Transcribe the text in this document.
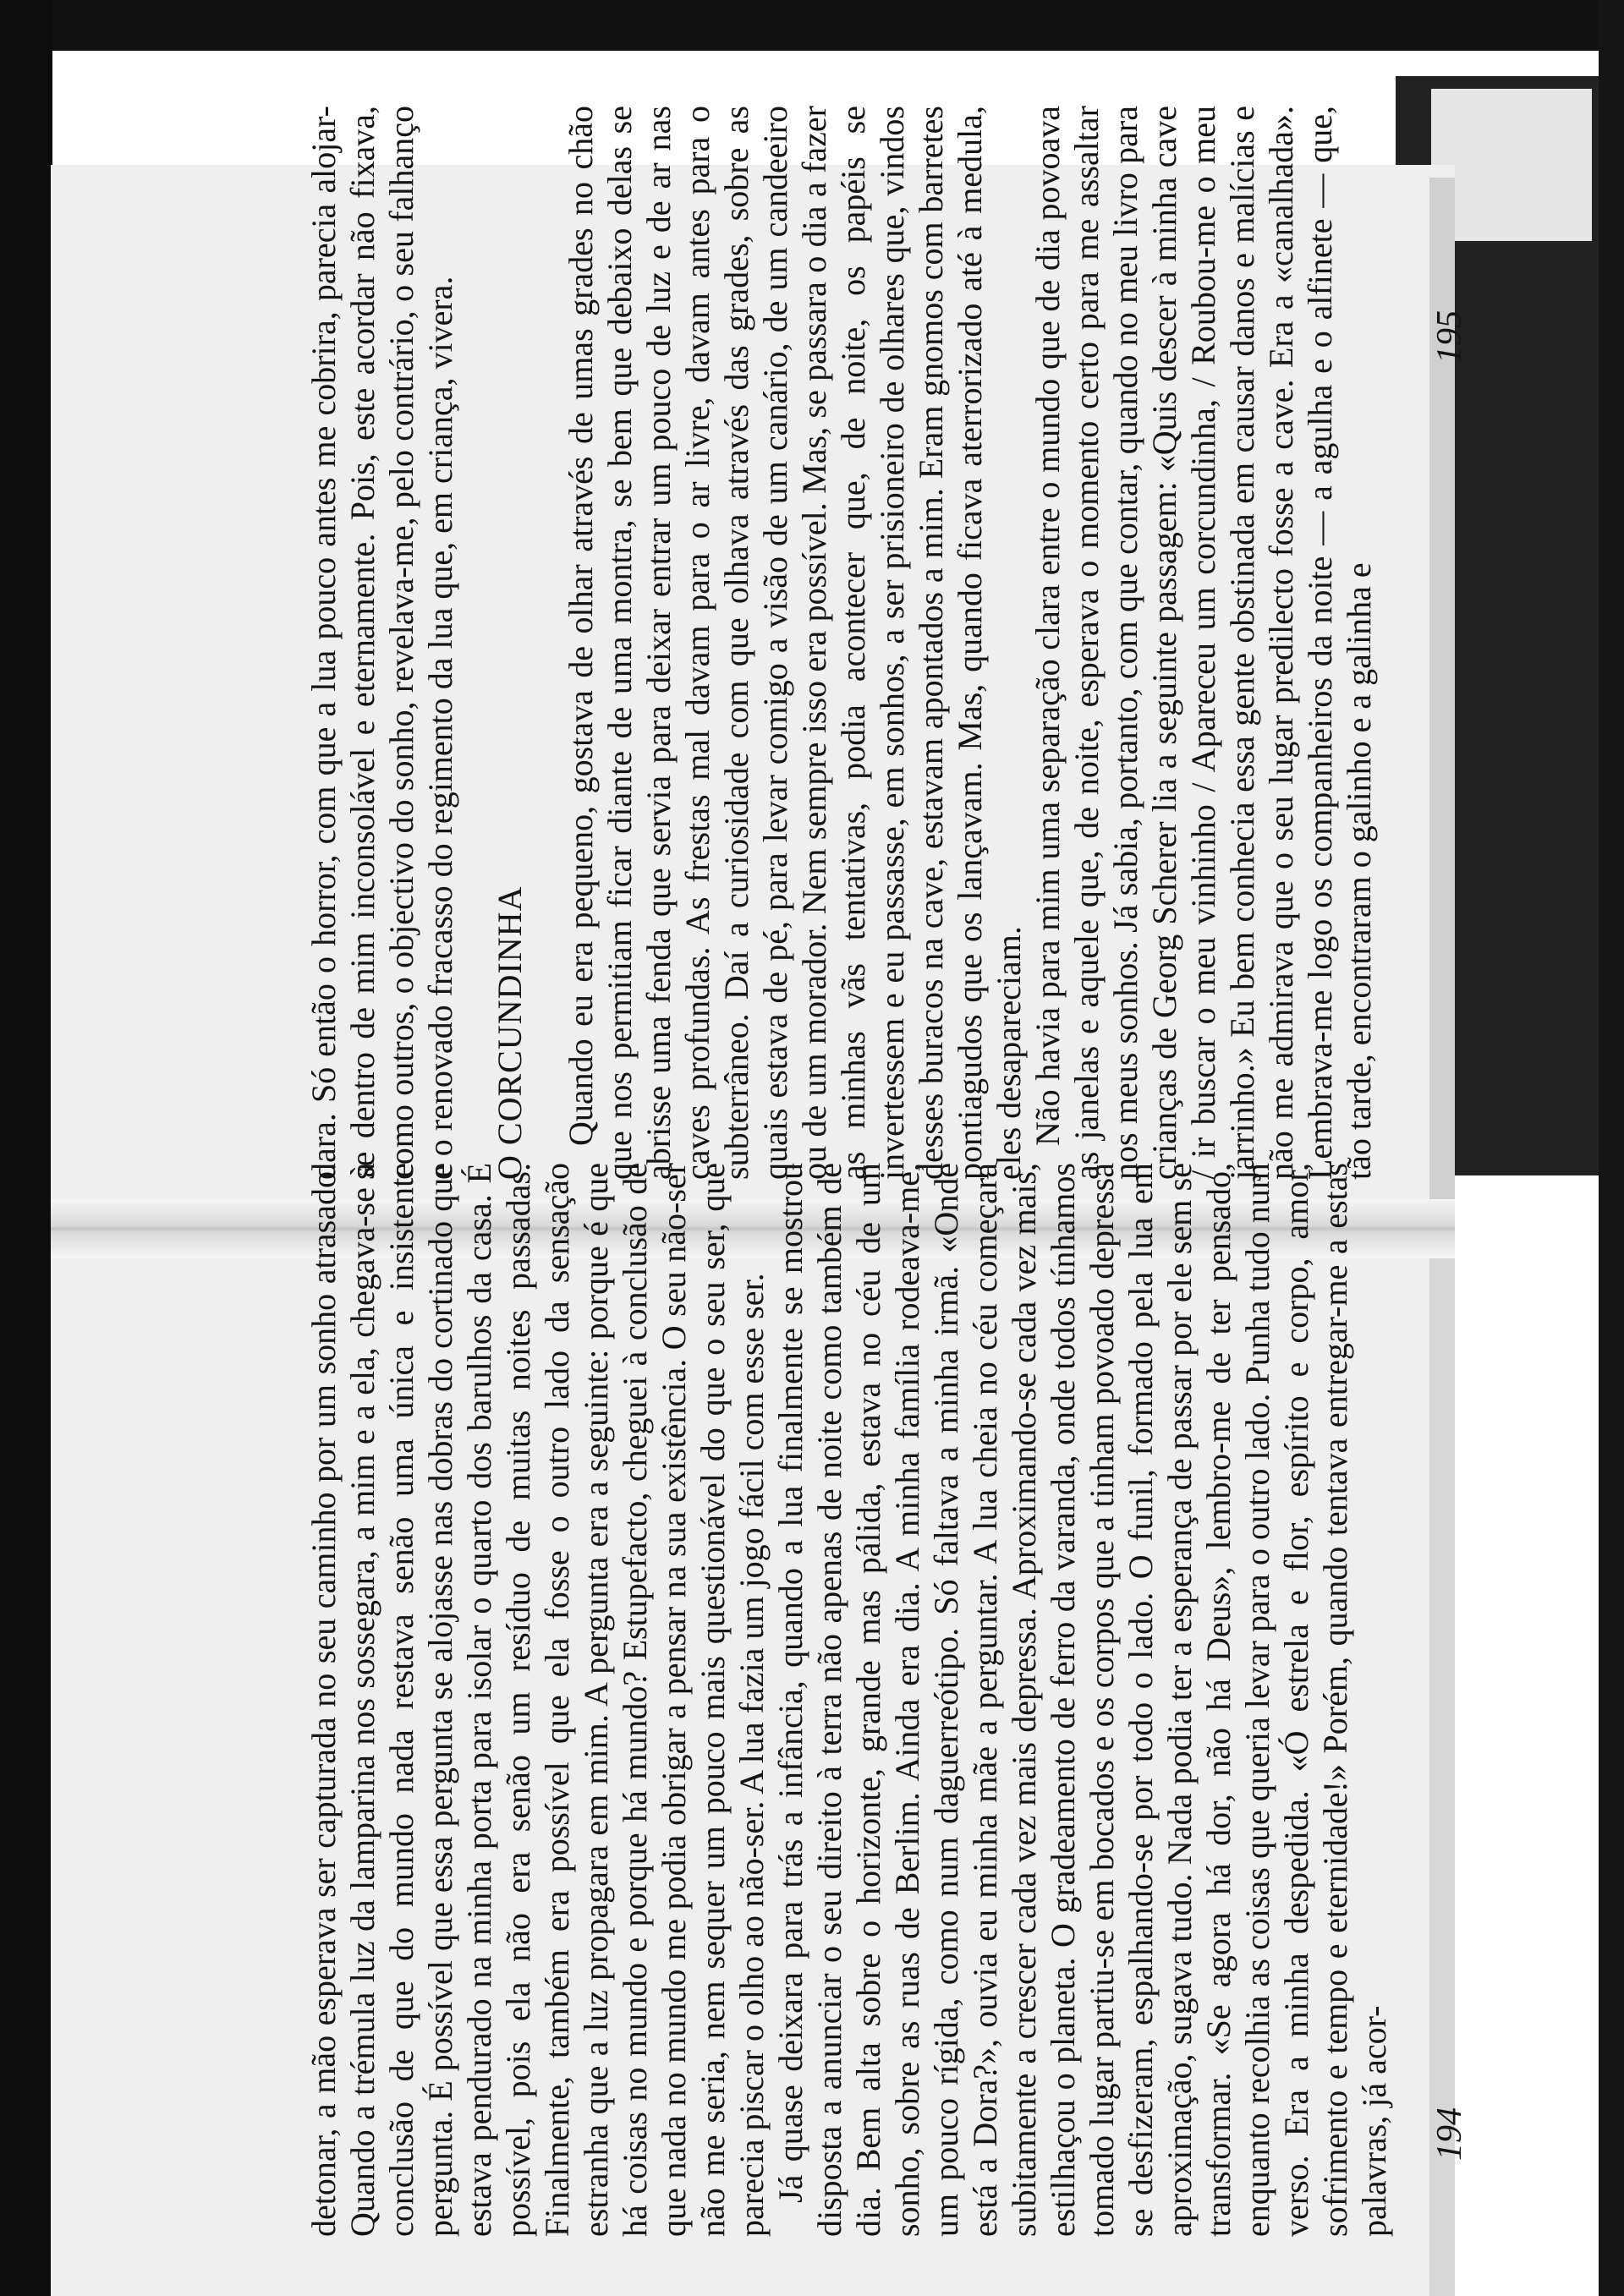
dara. Só então o horror, com que a lua pouco antes me cobrira, parecia alojar-se dentro de mim inconsolável e eternamente. Pois, este acordar não fixava, como outros, o objectivo do sonho, revelava-me, pelo contrário, o seu falhanço e o renovado fracasso do regimento da lua que, em criança, vivera. O CORCUNDINHA Quando eu era pequeno, gostava de olhar através de umas grades no chão que nos permitiam ficar diante de uma montra, se bem que debaixo delas se abrisse uma fenda que servia para deixar entrar um pouco de luz e de ar nas caves profundas. As frestas mal davam para o ar livre, davam antes para o subterrâneo. Daí a curiosidade com que olhava através das grades, sobre as quais estava de pé, para levar comigo a visão de um canário, de um candeeiro ou de um morador. Nem sempre isso era possível. Mas, se passara o dia a fazer as minhas vãs tentativas, podia acontecer que, de noite, os papéis se invertessem e eu passasse, em sonhos, a ser prisioneiro de olhares que, vindos desses buracos na cave, estavam apontados a mim. Eram gnomos com barretes pontiagudos que os lançavam. Mas, quando ficava aterrorizado até à medula, eles desapareciam. Não havia para mim uma separação clara entre o mundo que de dia povoava as janelas e aquele que, de noite, esperava o momento certo para me assaltar nos meus sonhos. Já sabia, portanto, com que contar, quando no meu livro para crianças de Georg Scherer lia a seguinte passagem: «Quis descer à minha cave / ir buscar o meu vinhinho / Apareceu um corcundinha, / Roubou-me o meu jarrinho.» Eu bem conhecia essa gente obstinada em causar danos e malícias e não me admirava que o seu lugar predilecto fosse a cave. Era a «canalhada». Lembrava-me logo os companheiros da noite — a agulha e o alfinete — que, tão tarde, encontraram o galinho e a galinha e

195

detonar, a mão esperava ser capturada no seu caminho por um sonho atrasado. Quando a trémula luz da lamparina nos sossegara, a mim e a ela, chegava-se à conclusão de que do mundo nada restava senão uma única e insistente pergunta. É possível que essa pergunta se alojasse nas dobras do cortinado que estava pendurado na minha porta para isolar o quarto dos barulhos da casa. É possível, pois ela não era senão um resíduo de muitas noites passadas. Finalmente, também era possível que ela fosse o outro lado da sensação estranha que a luz propagara em mim. A pergunta era a seguinte: porque é que há coisas no mundo e porque há mundo? Estupefacto, cheguei à conclusão de que nada no mundo me podia obrigar a pensar na sua existência. O seu não-ser não me seria, nem sequer um pouco mais questionável do que o seu ser, que parecia piscar o olho ao não-ser. A lua fazia um jogo fácil com esse ser. Já quase deixara para trás a infância, quando a lua finalmente se mostrou disposta a anunciar o seu direito à terra não apenas de noite como também de dia. Bem alta sobre o horizonte, grande mas pálida, estava no céu de um sonho, sobre as ruas de Berlim. Ainda era dia. A minha família rodeava-me, um pouco rígida, como num daguerreótipo. Só faltava a minha irmã. «Onde está a Dora?», ouvia eu minha mãe a perguntar. A lua cheia no céu começara subitamente a crescer cada vez mais depressa. Aproximando-se cada vez mais, estilhaçou o planeta. O gradeamento de ferro da varanda, onde todos tínhamos tomado lugar partiu-se em bocados e os corpos que a tinham povoado depressa se desfizeram, espalhando-se por todo o lado. O funil, formado pela lua em aproximação, sugava tudo. Nada podia ter a esperança de passar por ele sem se transformar. «Se agora há dor, não há Deus», lembro-me de ter pensado, enquanto recolhia as coisas que queria levar para o outro lado. Punha tudo num verso. Era a minha despedida. «Ó estrela e flor, espírito e corpo, amor, sofrimento e tempo e eternidade!» Porém, quando tentava entregar-me a estas palavras, já acor- 194
